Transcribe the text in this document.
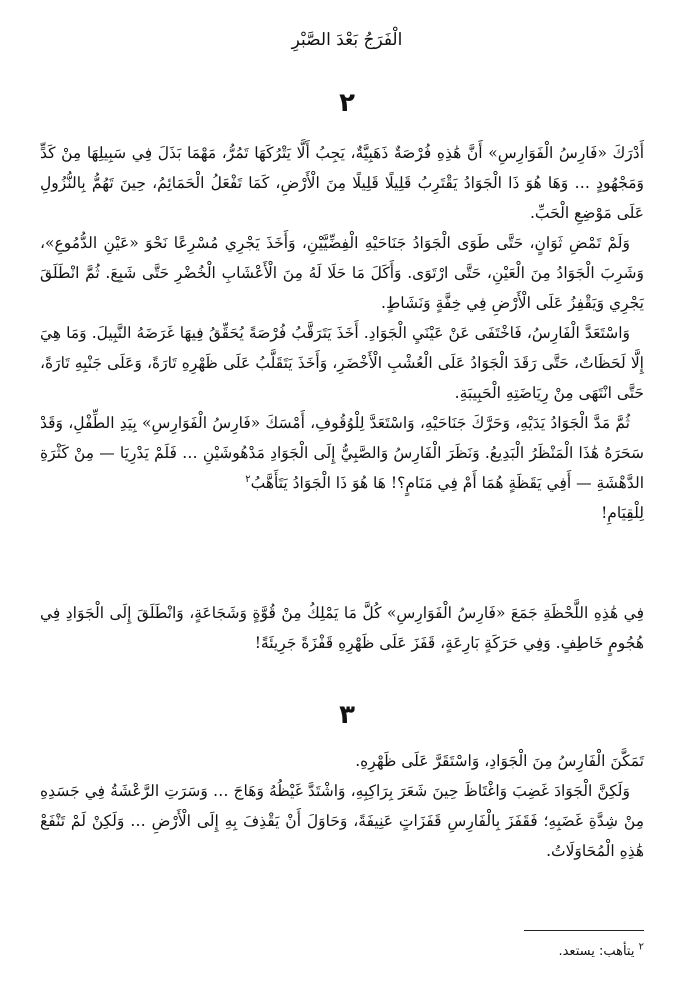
الْفَرَجُ بَعْدَ الصَّبْرِ
٢

أَدْرَكَ «فَارِسُ الْفَوَارِسِ» أَنَّ هَٰذِهِ فُرْصَةٌ ذَهَبِيَّةٌ، يَجِبُ أَلَّا يَتْرُكَهَا تَمُرُّ، مَهْمَا بَذَلَ فِي سَبِيلِهَا مِنْ كَدٍّ وَمَجْهُودٍ … وَهَا هُوَ ذَا الْجَوَادُ يَقْتَرِبُ قَلِيلًا قَلِيلًا مِنَ الْأَرْضِ، كَمَا تَفْعَلُ الْحَمَائِمُ، حِينَ تَهُمُّ بِالنُّزُولِ عَلَى مَوْضِعِ الْحَبِّ.

وَلَمْ تَمْضِ ثَوَانٍ، حَتَّى طَوَى الْجَوَادُ جَنَاحَيْهِ الْفِضِّيَّيْنِ، وَأَخَذَ يَجْرِي مُسْرِعًا نَحْوَ «عَيْنِ الدُّمُوعِ»، وَشَرِبَ الْجَوَادُ مِنَ الْعَيْنِ، حَتَّى ارْتَوَى. وَأَكَلَ مَا حَلَا لَهُ مِنَ الْأَعْشَابِ الْخُضْرِ حَتَّى شَبِعَ. ثُمَّ انْطَلَقَ يَجْرِي وَيَقْفِزُ عَلَى الْأَرْضِ فِي خِفَّةٍ وَنَشَاطٍ.

وَاسْتَعَدَّ الْفَارِسُ، فَاخْتَفَى عَنْ عَيْنَيِ الْجَوَادِ. أَخَذَ يَتَرَقَّبُ فُرْصَةً يُحَقِّقُ فِيهَا غَرَضَهُ النَّبِيلَ. وَمَا هِيَ إِلَّا لَحَظَاتٌ، حَتَّى رَقَدَ الْجَوَادُ عَلَى الْعُشْبِ الْأَخْضَرِ، وَأَخَذَ يَتَقَلَّبُ عَلَى ظَهْرِهِ تَارَةً، وَعَلَى جَنْبِهِ تَارَةً، حَتَّى انْتَهَى مِنْ رِيَاضَتِهِ الْحَبِيبَةِ.

ثُمَّ مَدَّ الْجَوَادُ يَدَيْهِ، وَحَرَّكَ جَنَاحَيْهِ، وَاسْتَعَدَّ لِلْوُقُوفِ، أَمْسَكَ «فَارِسُ الْفَوَارِسِ» بِيَدِ الطِّفْلِ، وَقَدْ سَحَرَهُ هَٰذَا الْمَنْظَرُ الْبَدِيعُ. وَنَظَرَ الْفَارِسُ وَالصَّبِيُّ إِلَى الْجَوَادِ مَدْهُوشَيْنِ … فَلَمْ يَدْرِيَا — مِنْ كَثْرَةِ الدَّهْشَةِ — أَفِي يَقَظَةٍ هُمَا أَمْ فِي مَنَامٍ؟! هَا هُوَ ذَا الْجَوَادُ يَتَأَهَّبُ$^٢$

لِلْقِيَامِ!

فِي هَٰذِهِ اللَّحْظَةِ جَمَعَ «فَارِسُ الْفَوَارِسِ» كُلَّ مَا يَمْلِكُ مِنْ قُوَّةٍ وَشَجَاعَةٍ، وَانْطَلَقَ إِلَى الْجَوَادِ فِي هُجُومٍ خَاطِفٍ. وَفِي حَرَكَةٍ بَارِعَةٍ، قَفَزَ عَلَى ظَهْرِهِ قَفْزَةً جَرِيئَةً!

٣

تَمَكَّنَ الْفَارِسُ مِنَ الْجَوَادِ، وَاسْتَقَرَّ عَلَى ظَهْرِهِ.

وَلَكِنَّ الْجَوَادَ غَضِبَ وَاغْتَاظَ حِينَ شَعَرَ بِرَاكِبِهِ، وَاشْتَدَّ غَيْظُهُ وَهَاجَ … وَسَرَتِ الرَّعْشَةُ فِي جَسَدِهِ مِنْ شِدَّةِ غَضَبِهِ؛ فَقَفَزَ بِالْفَارِسِ قَفَزَاتٍ عَنِيفَةً، وَحَاوَلَ أَنْ يَقْذِفَ بِهِ إِلَى الْأَرْضِ … وَلَكِنْ لَمْ تَنْفَعْ هَٰذِهِ الْمُحَاوَلَاتُ.

$^٢$ يتأهب: يستعد.
